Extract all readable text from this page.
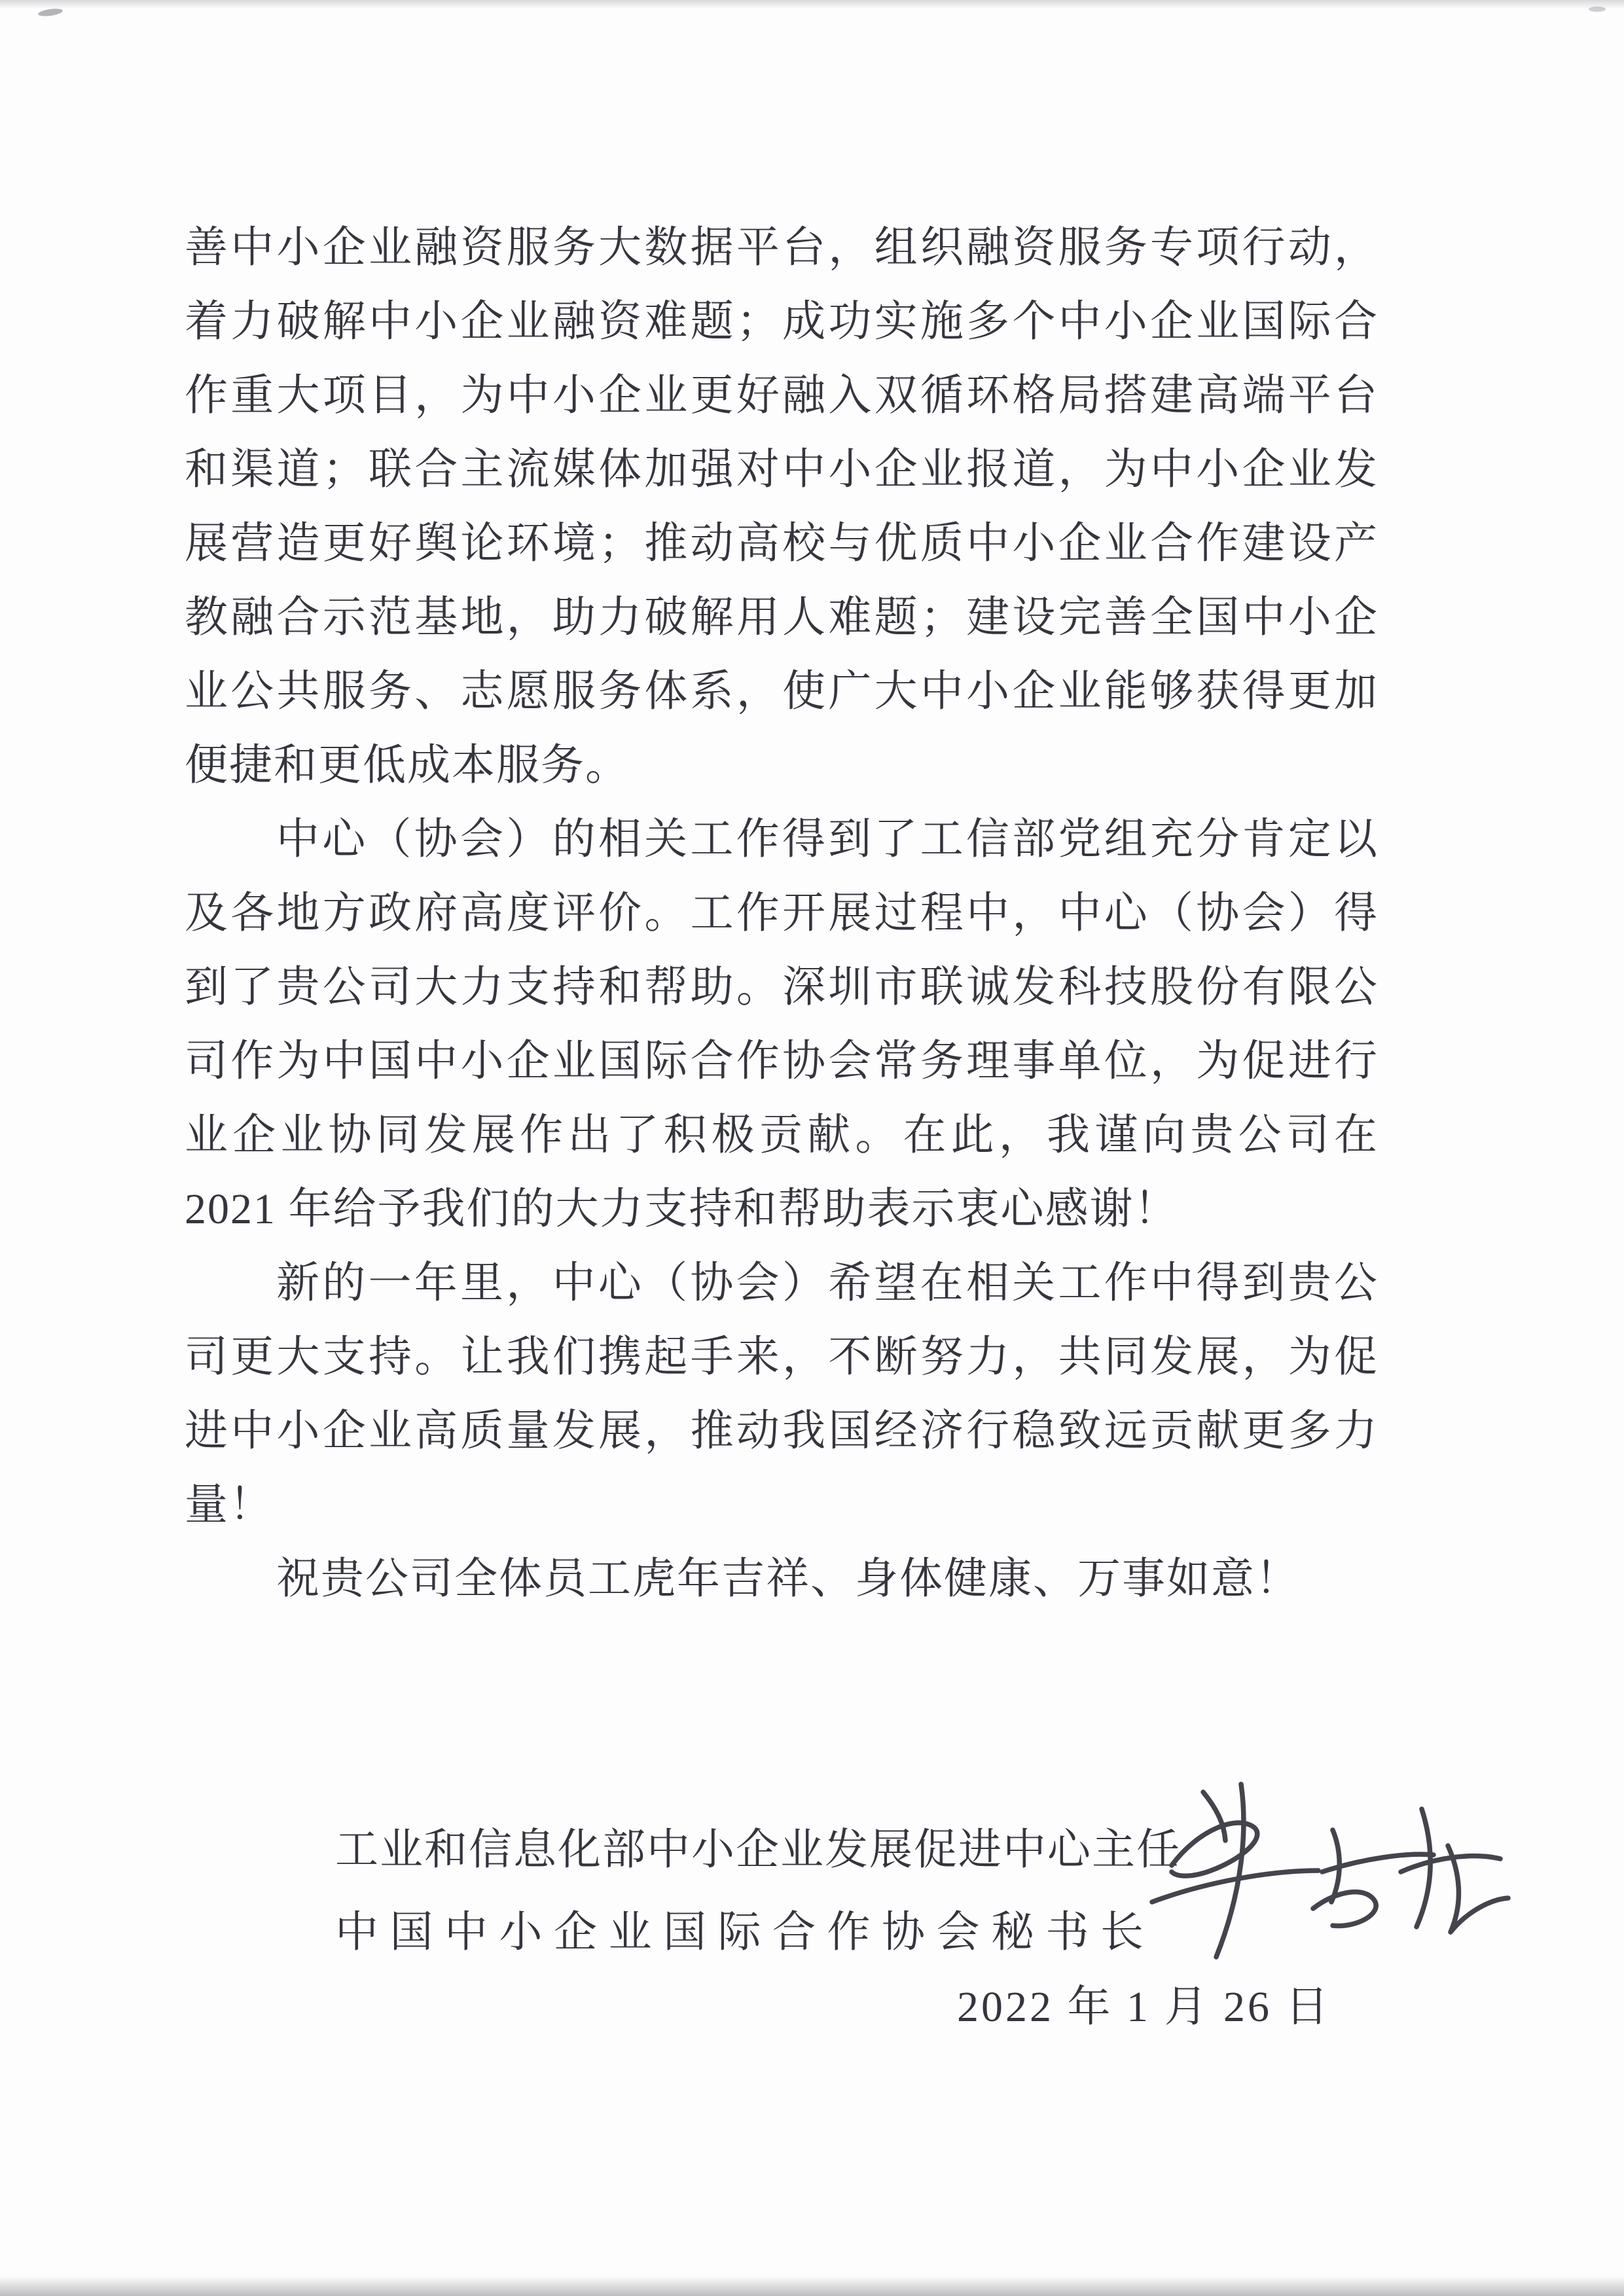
善中小企业融资服务大数据平台，组织融资服务专项行动，
着力破解中小企业融资难题；成功实施多个中小企业国际合
作重大项目，为中小企业更好融入双循环格局搭建高端平台
和渠道；联合主流媒体加强对中小企业报道，为中小企业发
展营造更好舆论环境；推动高校与优质中小企业合作建设产
教融合示范基地，助力破解用人难题；建设完善全国中小企
业公共服务、志愿服务体系，使广大中小企业能够获得更加
便捷和更低成本服务。
中心（协会）的相关工作得到了工信部党组充分肯定以
及各地方政府高度评价。工作开展过程中，中心（协会）得
到了贵公司大力支持和帮助。深圳市联诚发科技股份有限公
司作为中国中小企业国际合作协会常务理事单位，为促进行
业企业协同发展作出了积极贡献。在此，我谨向贵公司在
2021 年给予我们的大力支持和帮助表示衷心感谢！
新的一年里，中心（协会）希望在相关工作中得到贵公
司更大支持。让我们携起手来，不断努力，共同发展，为促
进中小企业高质量发展，推动我国经济行稳致远贡献更多力
量！
祝贵公司全体员工虎年吉祥、身体健康、万事如意！
工业和信息化部中小企业发展促进中心主任
中国中小企业国际合作协会秘书长
2022 年 1 月 26 日
